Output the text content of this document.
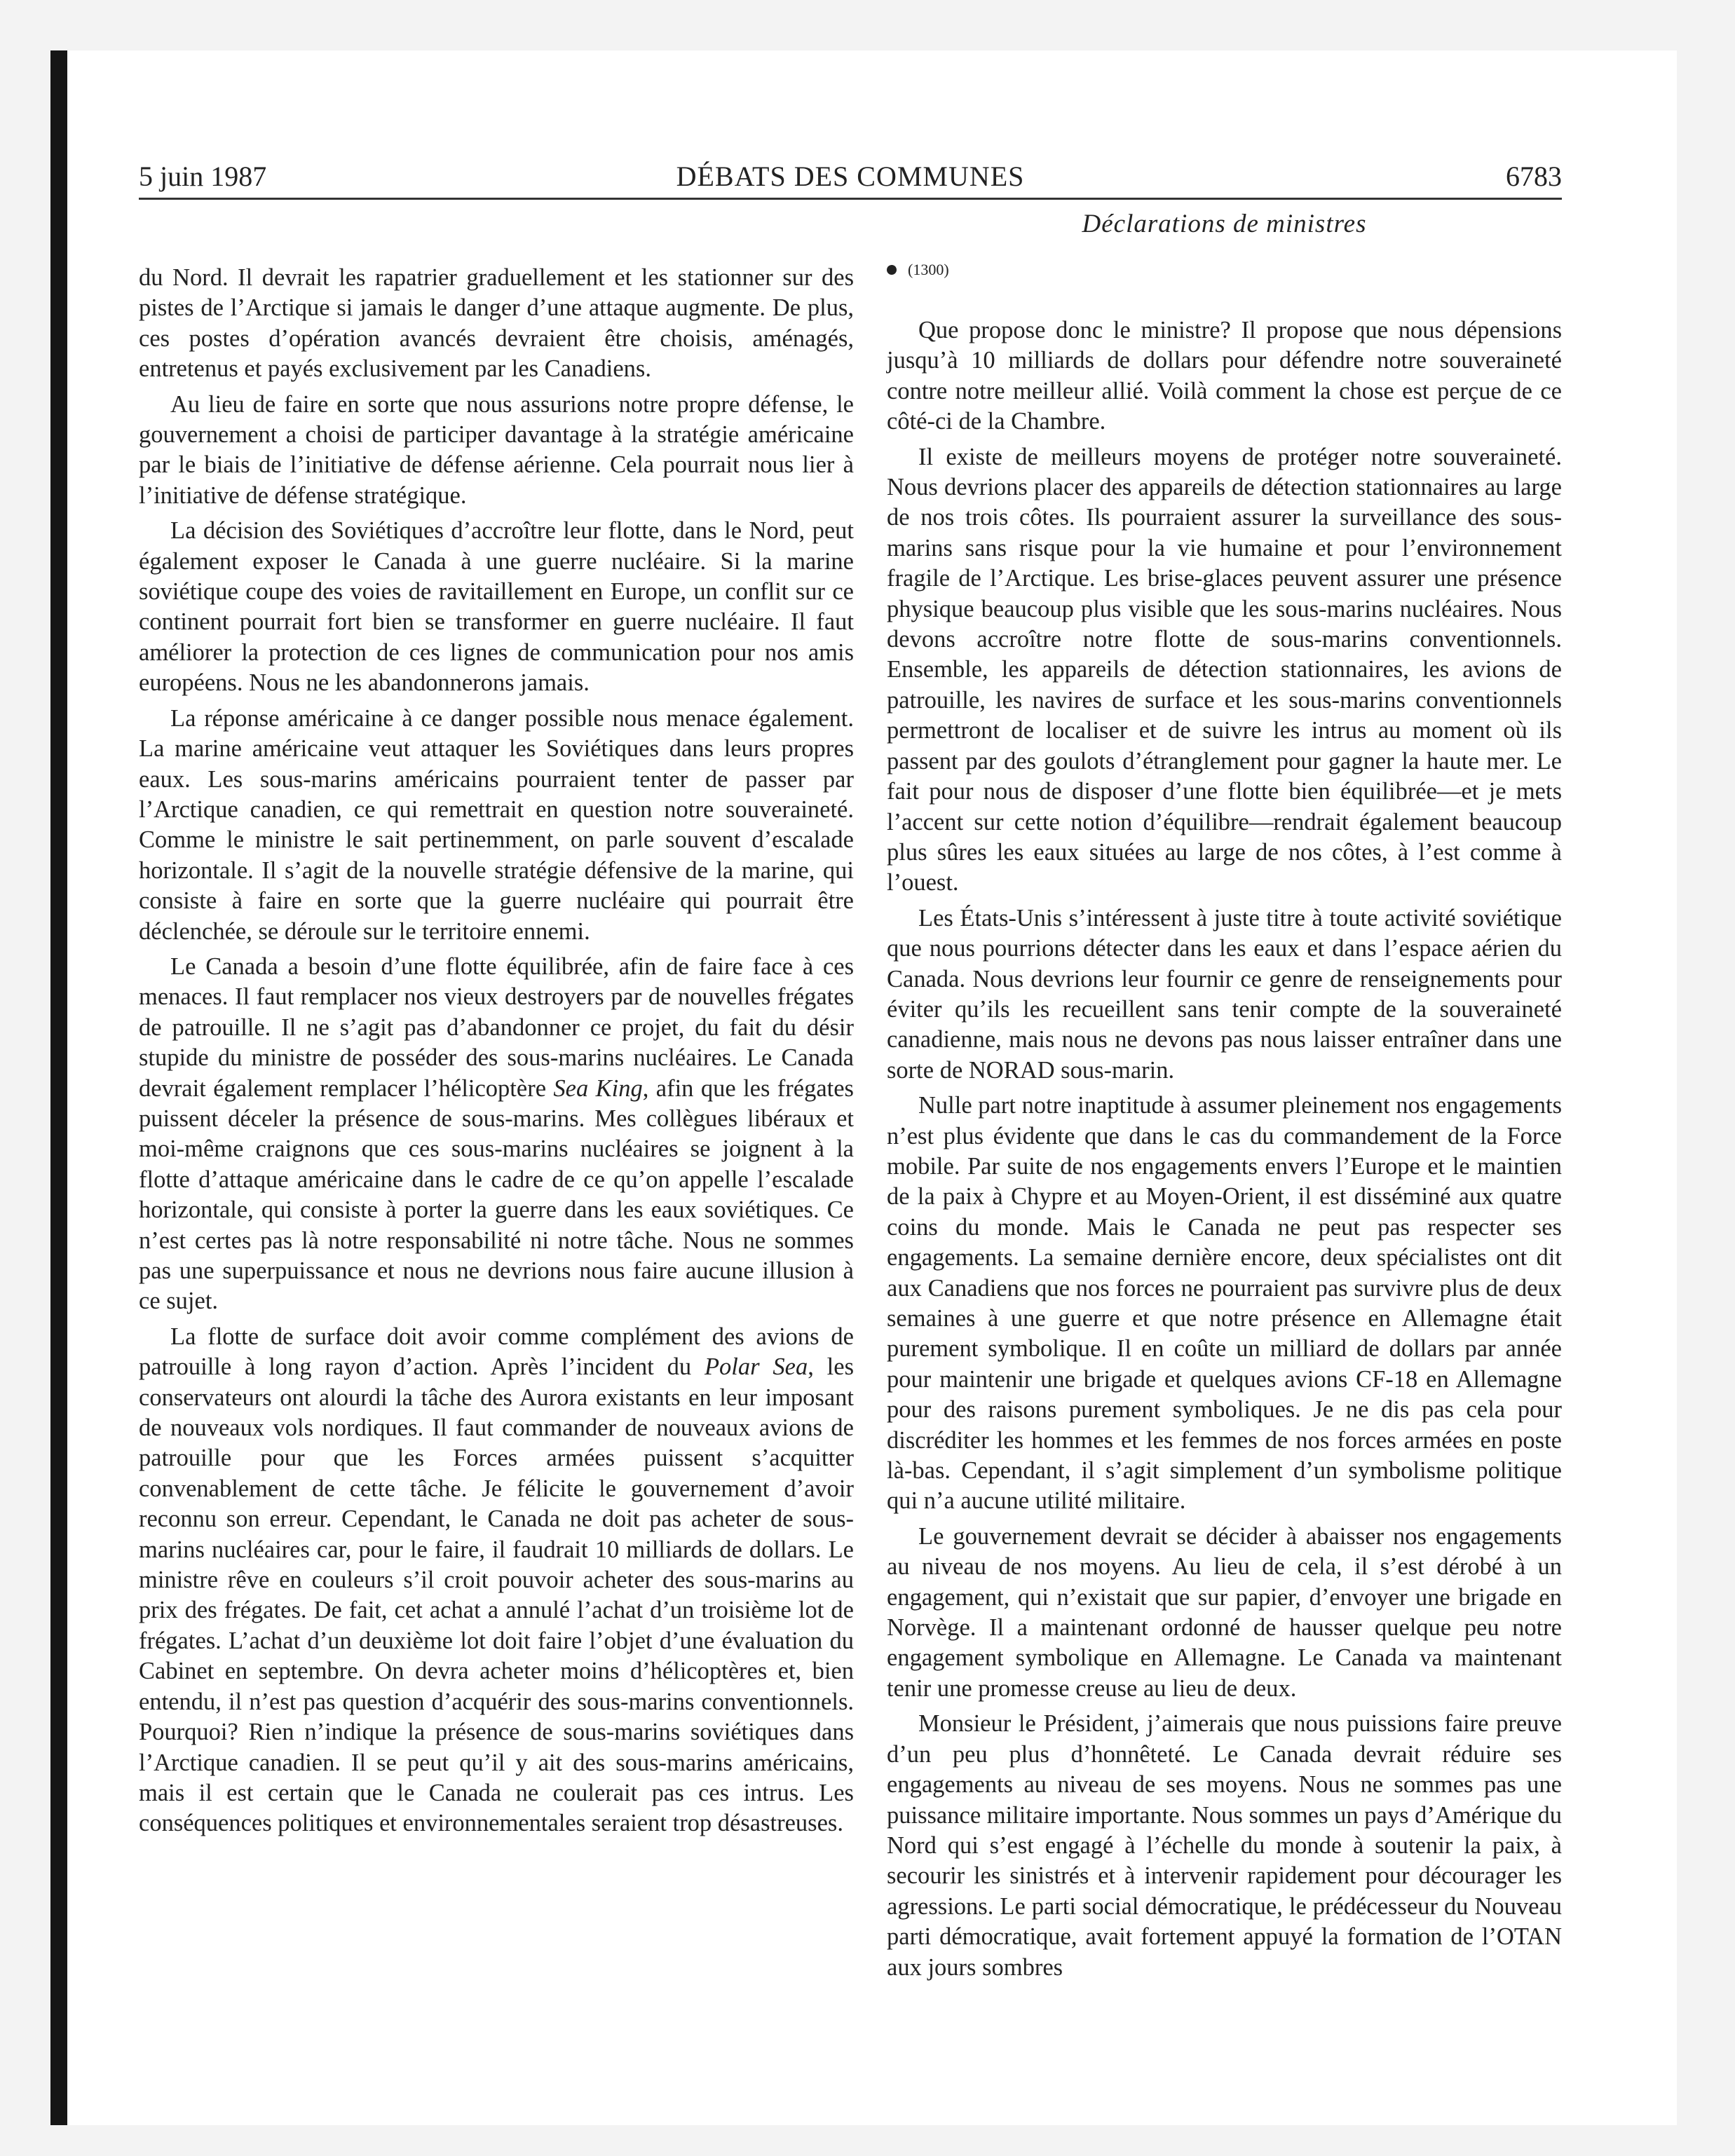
5 juin 1987	DÉBATS DES COMMUNES	6783
Déclarations de ministres

du Nord. Il devrait les rapatrier graduellement et les stationner sur des pistes de l’Arctique si jamais le danger d’une attaque augmente. De plus, ces postes d’opération avancés devraient être choisis, aménagés, entretenus et payés exclusivement par les Canadiens.

Au lieu de faire en sorte que nous assurions notre propre défense, le gouvernement a choisi de participer davantage à la stratégie américaine par le biais de l’initiative de défense aérienne. Cela pourrait nous lier à l’initiative de défense stratégique.

La décision des Soviétiques d’accroître leur flotte, dans le Nord, peut également exposer le Canada à une guerre nucléaire. Si la marine soviétique coupe des voies de ravitaillement en Europe, un conflit sur ce continent pourrait fort bien se transformer en guerre nucléaire. Il faut améliorer la protection de ces lignes de communication pour nos amis européens. Nous ne les abandonnerons jamais.

La réponse américaine à ce danger possible nous menace également. La marine américaine veut attaquer les Soviétiques dans leurs propres eaux. Les sous-marins américains pourraient tenter de passer par l’Arctique canadien, ce qui remettrait en question notre souveraineté. Comme le ministre le sait pertinemment, on parle souvent d’escalade horizontale. Il s’agit de la nouvelle stratégie défensive de la marine, qui consiste à faire en sorte que la guerre nucléaire qui pourrait être déclenchée, se déroule sur le territoire ennemi.

Le Canada a besoin d’une flotte équilibrée, afin de faire face à ces menaces. Il faut remplacer nos vieux destroyers par de nouvelles frégates de patrouille. Il ne s’agit pas d’abandonner ce projet, du fait du désir stupide du ministre de posséder des sous-marins nucléaires. Le Canada devrait également remplacer l’hélicoptère Sea King, afin que les frégates puissent déceler la présence de sous-marins. Mes collègues libéraux et moi-même craignons que ces sous-marins nucléaires se joignent à la flotte d’attaque américaine dans le cadre de ce qu’on appelle l’escalade horizontale, qui consiste à porter la guerre dans les eaux soviétiques. Ce n’est certes pas là notre responsabilité ni notre tâche. Nous ne sommes pas une superpuissance et nous ne devrions nous faire aucune illusion à ce sujet.

La flotte de surface doit avoir comme complément des avions de patrouille à long rayon d’action. Après l’incident du Polar Sea, les conservateurs ont alourdi la tâche des Aurora existants en leur imposant de nouveaux vols nordiques. Il faut commander de nouveaux avions de patrouille pour que les Forces armées puissent s’acquitter convenablement de cette tâche. Je félicite le gouvernement d’avoir reconnu son erreur. Cependant, le Canada ne doit pas acheter de sous-marins nucléaires car, pour le faire, il faudrait 10 milliards de dollars. Le ministre rêve en couleurs s’il croit pouvoir acheter des sous-marins au prix des frégates. De fait, cet achat a annulé l’achat d’un troisième lot de frégates. L’achat d’un deuxième lot doit faire l’objet d’une évaluation du Cabinet en septembre. On devra acheter moins d’hélicoptères et, bien entendu, il n’est pas question d’acquérir des sous-marins conventionnels. Pourquoi? Rien n’indique la présence de sous-marins soviétiques dans l’Arctique canadien. Il se peut qu’il y ait des sous-marins américains, mais il est certain que le Canada ne coulerait pas ces intrus. Les conséquences politiques et environnementales seraient trop désastreuses.

(1300)

Que propose donc le ministre? Il propose que nous dépensions jusqu’à 10 milliards de dollars pour défendre notre souveraineté contre notre meilleur allié. Voilà comment la chose est perçue de ce côté-ci de la Chambre.

Il existe de meilleurs moyens de protéger notre souveraineté. Nous devrions placer des appareils de détection stationnaires au large de nos trois côtes. Ils pourraient assurer la surveillance des sous-marins sans risque pour la vie humaine et pour l’environnement fragile de l’Arctique. Les brise-glaces peuvent assurer une présence physique beaucoup plus visible que les sous-marins nucléaires. Nous devons accroître notre flotte de sous-marins conventionnels. Ensemble, les appareils de détection stationnaires, les avions de patrouille, les navires de surface et les sous-marins conventionnels permettront de localiser et de suivre les intrus au moment où ils passent par des goulots d’étranglement pour gagner la haute mer. Le fait pour nous de disposer d’une flotte bien équilibrée—et je mets l’accent sur cette notion d’équilibre—rendrait également beaucoup plus sûres les eaux situées au large de nos côtes, à l’est comme à l’ouest.

Les États-Unis s’intéressent à juste titre à toute activité soviétique que nous pourrions détecter dans les eaux et dans l’espace aérien du Canada. Nous devrions leur fournir ce genre de renseignements pour éviter qu’ils les recueillent sans tenir compte de la souveraineté canadienne, mais nous ne devons pas nous laisser entraîner dans une sorte de NORAD sous-marin.

Nulle part notre inaptitude à assumer pleinement nos engagements n’est plus évidente que dans le cas du commandement de la Force mobile. Par suite de nos engagements envers l’Europe et le maintien de la paix à Chypre et au Moyen-Orient, il est disséminé aux quatre coins du monde. Mais le Canada ne peut pas respecter ses engagements. La semaine dernière encore, deux spécialistes ont dit aux Canadiens que nos forces ne pourraient pas survivre plus de deux semaines à une guerre et que notre présence en Allemagne était purement symbolique. Il en coûte un milliard de dollars par année pour maintenir une brigade et quelques avions CF-18 en Allemagne pour des raisons purement symboliques. Je ne dis pas cela pour discréditer les hommes et les femmes de nos forces armées en poste là-bas. Cependant, il s’agit simplement d’un symbolisme politique qui n’a aucune utilité militaire.

Le gouvernement devrait se décider à abaisser nos engagements au niveau de nos moyens. Au lieu de cela, il s’est dérobé à un engagement, qui n’existait que sur papier, d’envoyer une brigade en Norvège. Il a maintenant ordonné de hausser quelque peu notre engagement symbolique en Allemagne. Le Canada va maintenant tenir une promesse creuse au lieu de deux.

Monsieur le Président, j’aimerais que nous puissions faire preuve d’un peu plus d’honnêteté. Le Canada devrait réduire ses engagements au niveau de ses moyens. Nous ne sommes pas une puissance militaire importante. Nous sommes un pays d’Amérique du Nord qui s’est engagé à l’échelle du monde à soutenir la paix, à secourir les sinistrés et à intervenir rapidement pour décourager les agressions. Le parti social démocratique, le prédécesseur du Nouveau parti démocratique, avait fortement appuyé la formation de l’OTAN aux jours sombres
